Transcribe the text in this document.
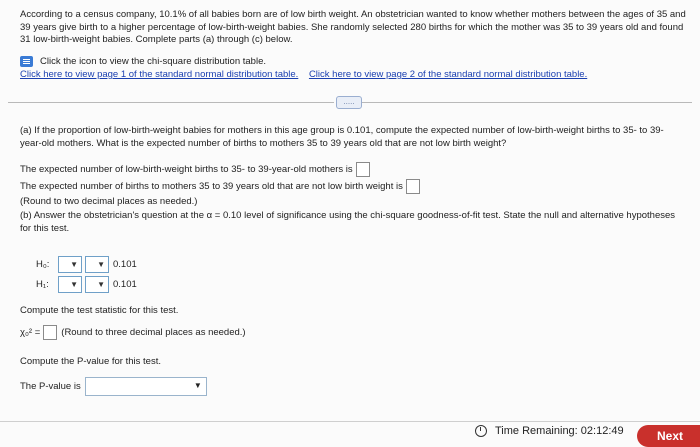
According to a census company, 10.1% of all babies born are of low birth weight. An obstetrician wanted to know whether mothers between the ages of 35 and 39 years give birth to a higher percentage of low-birth-weight babies. She randomly selected 280 births for which the mother was 35 to 39 years old and found 31 low-birth-weight babies. Complete parts (a) through (c) below.

Click the icon to view the chi-square distribution table.
Click here to view page 1 of the standard normal distribution table. Click here to view page 2 of the standard normal distribution table.
.....
(a) If the proportion of low-birth-weight babies for mothers in this age group is 0.101, compute the expected number of low-birth-weight births to 35- to 39-year-old mothers. What is the expected number of births to mothers 35 to 39 years old that are not low birth weight?
The expected number of low-birth-weight births to 35- to 39-year-old mothers is
The expected number of births to mothers 35 to 39 years old that are not low birth weight is
(Round to two decimal places as needed.)
(b) Answer the obstetrician's question at the α = 0.10 level of significance using the chi-square goodness-of-fit test. State the null and alternative hypotheses for this test.
H₀:	▼ ▼ 0.101
H₁:	▼ ▼ 0.101
Compute the test statistic for this test.
χ₀² = (Round to three decimal places as needed.)
Compute the P-value for this test.
The P-value is	▼
Time Remaining: 02:12:49	Next
